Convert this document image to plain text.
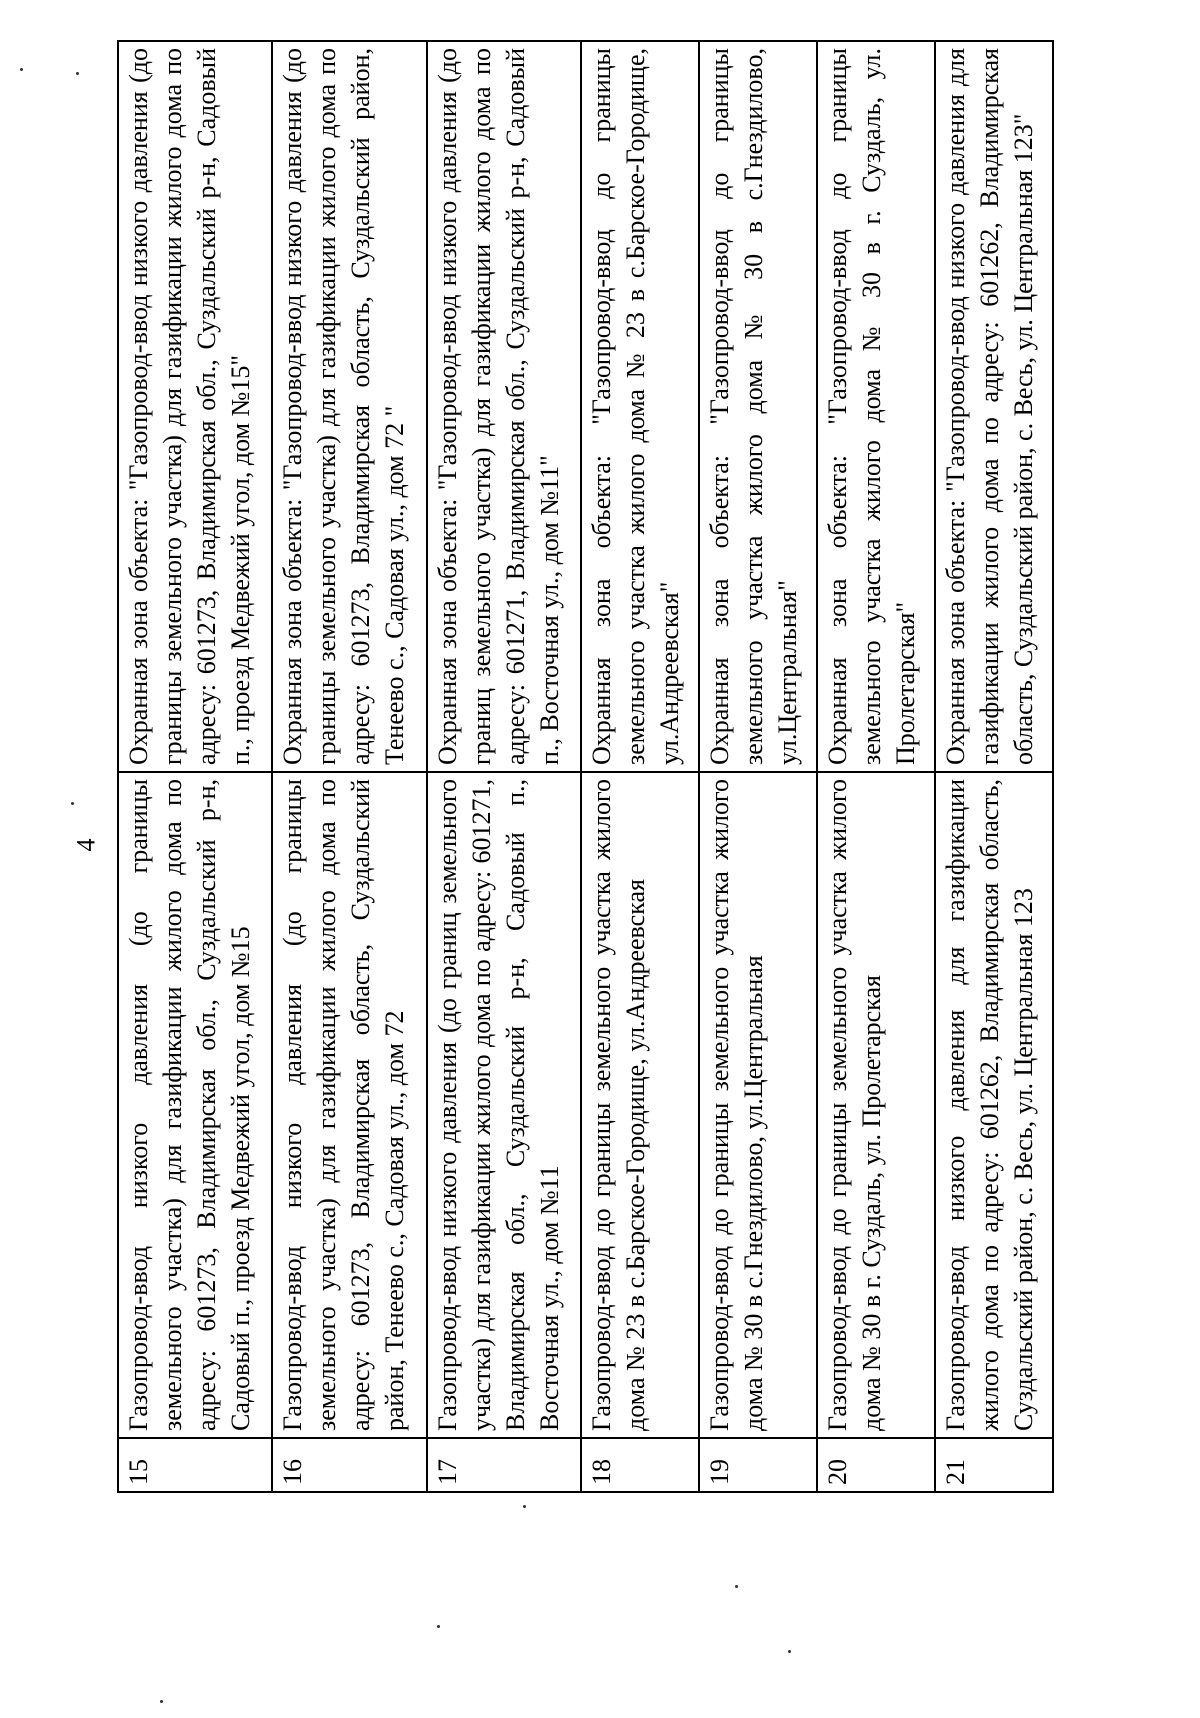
4
15	Газопровод-ввод низкого давления (до границы земельного участка) для газификации жилого дома по адресу: 601273, Владимирская обл., Суздальский р-н, Садовый п., проезд Медвежий угол, дом №15	Охранная зона объекта: "Газопровод-ввод низкого давления (до границы земельного участка) для газификации жилого дома по адресу: 601273, Владимирская обл., Суздальский р-н, Садовый п., проезд Медвежий угол, дом №15"
16	Газопровод-ввод низкого давления (до границы земельного участка) для газификации жилого дома по адресу: 601273, Владимирская область, Суздальский район, Тенеево с., Садовая ул., дом 72	Охранная зона объекта: "Газопровод-ввод низкого давления (до границы земельного участка) для газификации жилого дома по адресу: 601273, Владимирская область, Суздальский район, Тенеево с., Садовая ул., дом 72 "
17	Газопровод-ввод низкого давления (до границ земельного участка) для газификации жилого дома по адресу: 601271, Владимирская обл., Суздальский р-н, Садовый п., Восточная ул., дом №11	Охранная зона объекта: "Газопровод-ввод низкого давления (до границ земельного участка) для газификации жилого дома по адресу: 601271, Владимирская обл., Суздальский р-н, Садовый п., Восточная ул., дом №11"
18	Газопровод-ввод до границы земельного участка жилого дома № 23 в с.Барское-Городище, ул.Андреевская	Охранная зона объекта: "Газопровод-ввод до границы земельного участка жилого дома № 23 в с.Барское-Городище, ул.Андреевская"
19	Газопровод-ввод до границы земельного участка жилого дома № 30 в с.Гнездилово, ул.Центральная	Охранная зона объекта: "Газопровод-ввод до границы земельного участка жилого дома № 30 в с.Гнездилово, ул.Центральная"
20	Газопровод-ввод до границы земельного участка жилого дома № 30 в г. Суздаль, ул. Пролетарская	Охранная зона объекта: "Газопровод-ввод до границы земельного участка жилого дома № 30 в г. Суздаль, ул. Пролетарская"
21	Газопровод-ввод низкого давления для газификации жилого дома по адресу: 601262, Владимирская область, Суздальский район, с. Весь, ул. Центральная 123	Охранная зона объекта: "Газопровод-ввод низкого давления для газификации жилого дома по адресу: 601262, Владимирская область, Суздальский район, с. Весь, ул. Центральная 123"
